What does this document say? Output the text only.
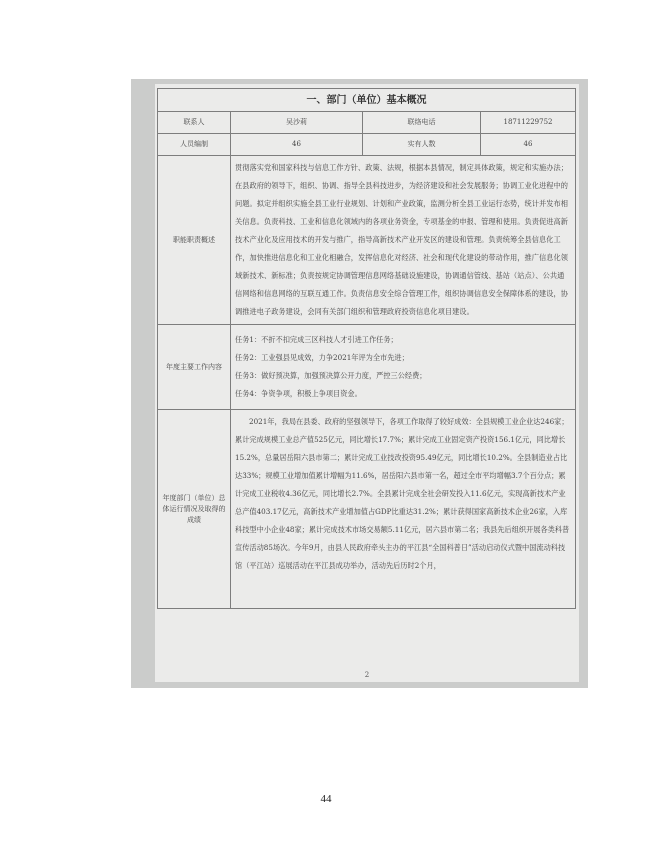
一、部门（单位）基本概况			
联系人	吴沙莉	联络电话	18711229752
人员编制	46	实有人数	46
职能职责概述	贯彻落实党和国家科技与信息工作方针、政策、法规，根据本县情况，制定具体政策，规定和实施办法；在县政府的领导下，组织、协调、指导全县科技进步，为经济建设和社会发展服务；协调工业化进程中的问题。拟定并组织实施全县工业行业规划、计划和产业政策，监测分析全县工业运行态势，统计并发布相关信息。负责科技、工业和信息化领域内的各项业务资金，专项基金的申报、管理和使用。负责促进高新技术产业化及应用技术的开发与推广，指导高新技术产业开发区的建设和管理。负责统筹全县信息化工作，加快推进信息化和工业化相融合，发挥信息化对经济、社会和现代化建设的带动作用，推广信息化领域新技术、新标准；负责按规定协调管理信息网络基础设施建设，协调通信管线、基站（站点）、公共通信网络和信息网络的互联互通工作。负责信息安全综合管理工作，组织协调信息安全保障体系的建设，协调推进电子政务建设，会同有关部门组织和管理政府投资信息化项目建设。		
年度主要工作内容	任务1：不折不扣完成三区科技人才引进工作任务；
任务2：工业强县见成效，力争2021年评为全市先进；
任务3：做好预决算，加强预决算公开力度，严控三公经费；
任务4：争资争项，积极上争项目资金。		

年度部门（单位）总体运行情况及取得的成绩	2021年，我局在县委、政府的坚强领导下，各项工作取得了较好成效：全县规模工业企业达246家；累计完成规模工业总产值525亿元，同比增长17.7%；累计完成工业固定资产投资156.1亿元，同比增长15.2%，总量居岳阳六县市第二；累计完成工业技改投资95.49亿元，同比增长10.2%。全县制造业占比达33%；规模工业增加值累计增幅为11.6%，居岳阳六县市第一名，超过全市平均增幅3.7个百分点；累计完成工业税收4.36亿元，同比增长2.7%。全县累计完成全社会研发投入11.6亿元，实现高新技术产业总产值403.17亿元，高新技术产业增加值占GDP比重达31.2%；累计获得国家高新技术企业26家，入库科技型中小企业48家；累计完成技术市场交易额5.11亿元，居六县市第二名；我县先后组织开展各类科普宣传活动85场次。今年9月，由县人民政府牵头主办的平江县“全国科普日”活动启动仪式暨中国流动科技馆（平江站）巡展活动在平江县成功举办，活动先后历时2个月，		

2
44
